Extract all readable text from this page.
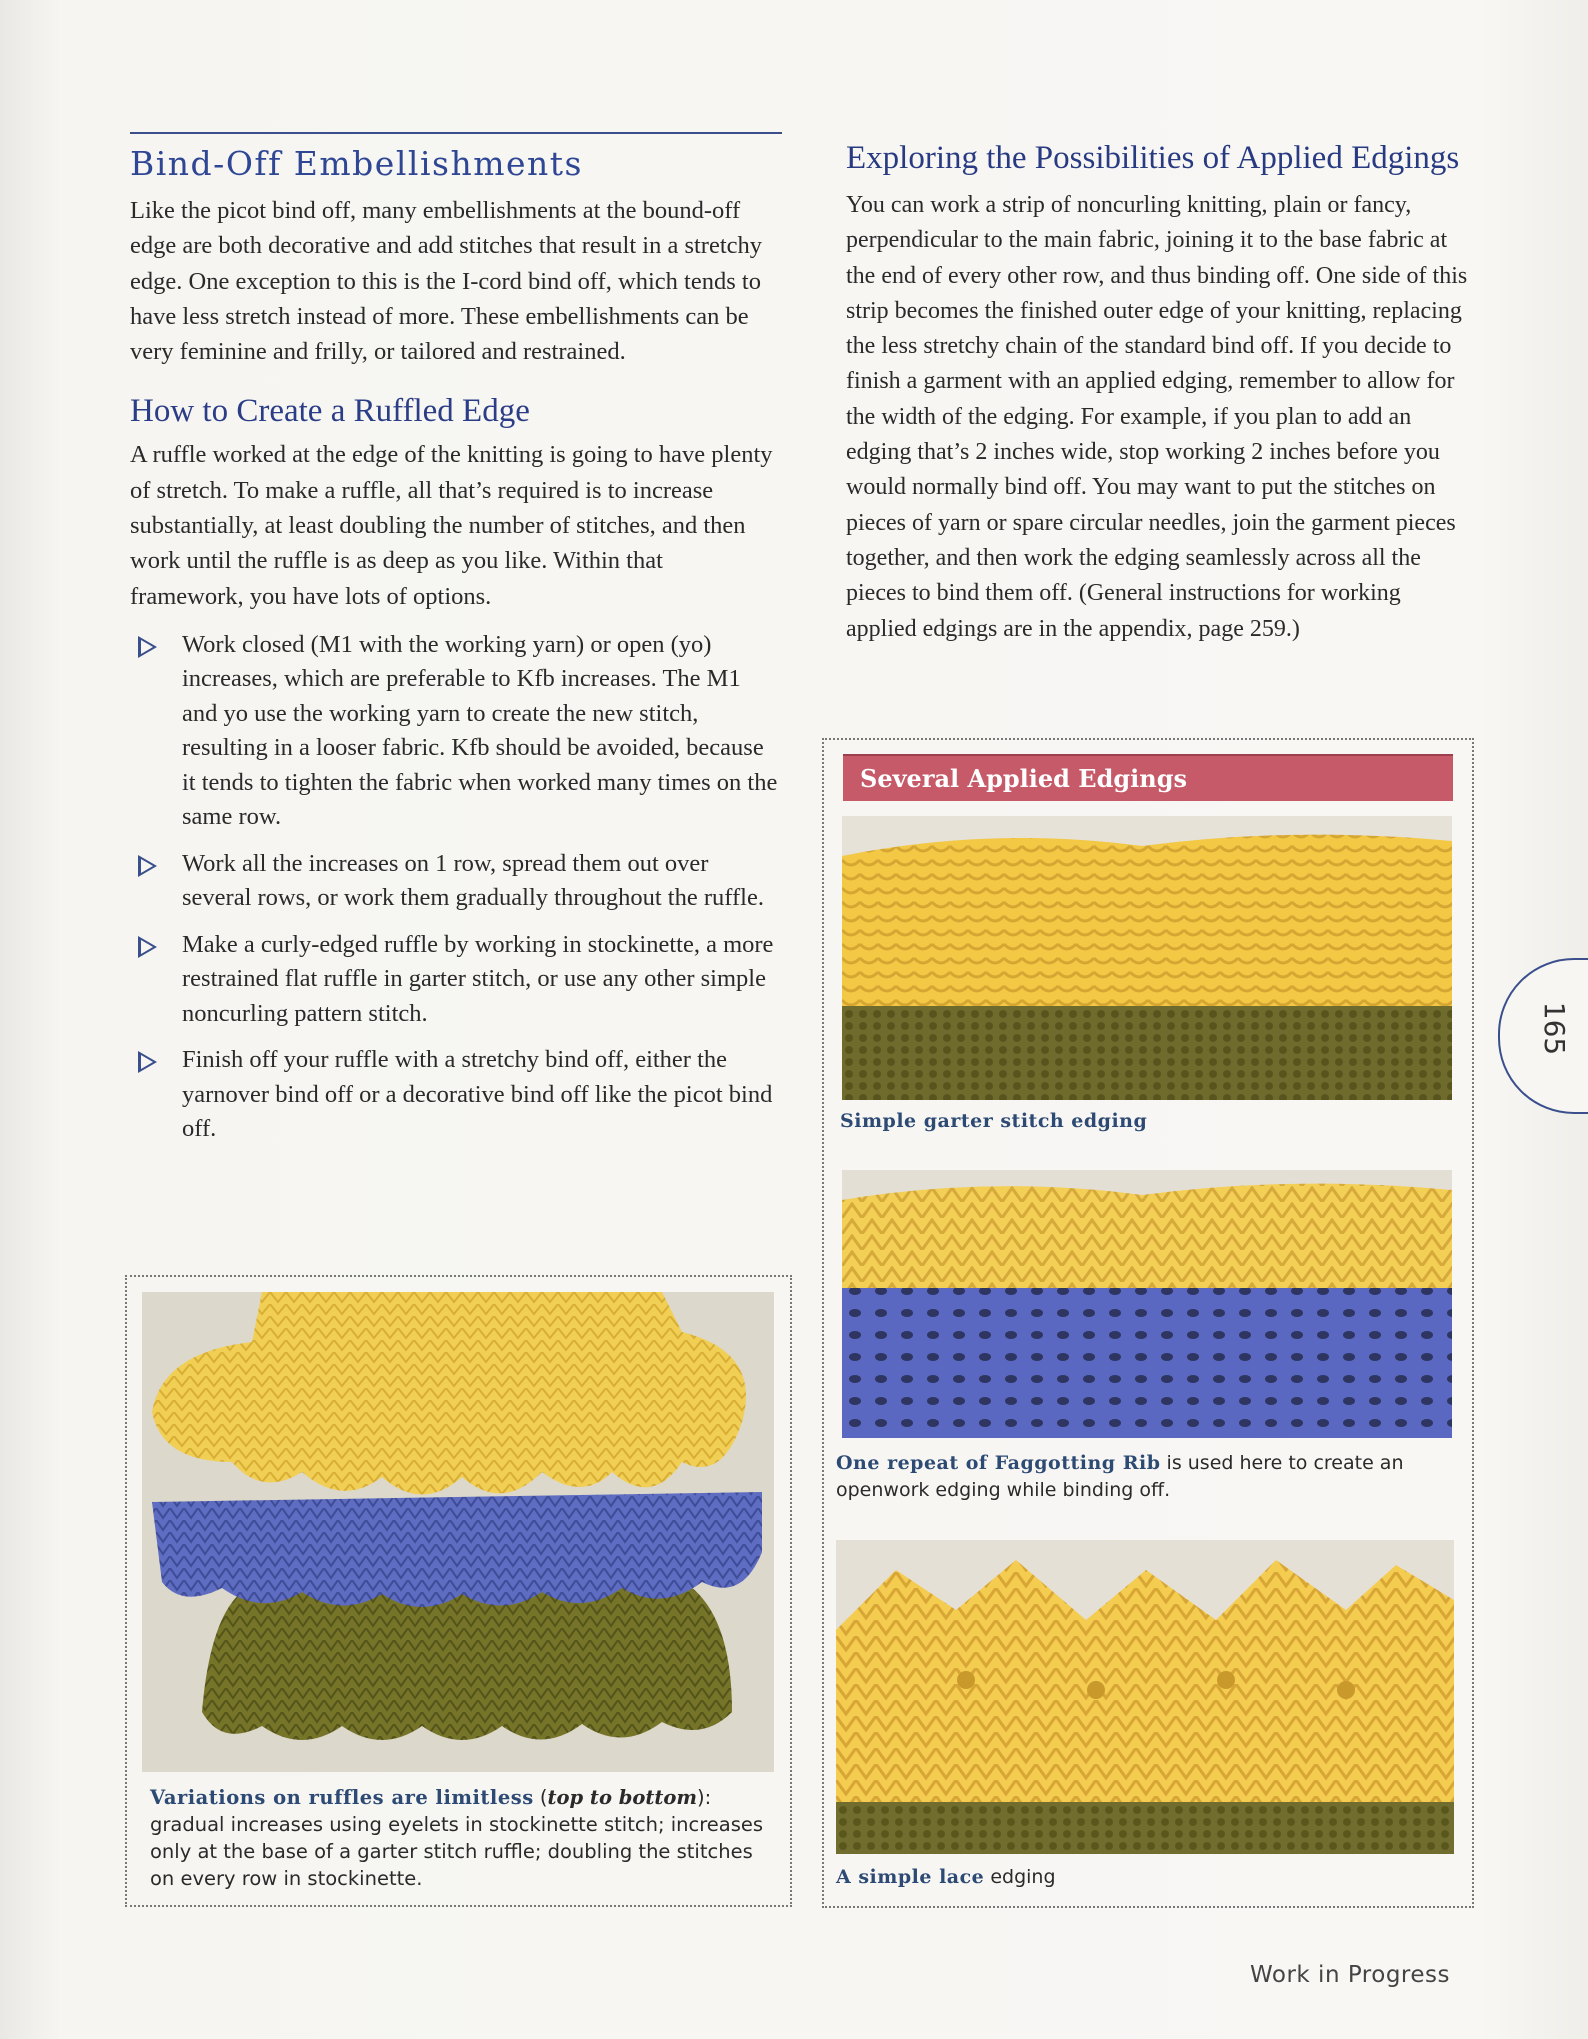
Bind-Off Embellishments

Like the picot bind off, many embellishments at the bound-off edge are both decorative and add stitches that result in a stretchy edge. One exception to this is the I-cord bind off, which tends to have less stretch instead of more. These embellishments can be very feminine and frilly, or tailored and restrained.

How to Create a Ruffled Edge

A ruffle worked at the edge of the knitting is going to have plenty of stretch. To make a ruffle, all that’s required is to increase substantially, at least doubling the number of stitches, and then work until the ruffle is as deep as you like. Within that framework, you have lots of options.

Work closed (M1 with the working yarn) or open (yo) increases, which are preferable to Kfb increases. The M1 and yo use the working yarn to create the new stitch, resulting in a looser fabric. Kfb should be avoided, because it tends to tighten the fabric when worked many times on the same row.
Work all the increases on 1 row, spread them out over several rows, or work them gradually throughout the ruffle.
Make a curly-edged ruffle by working in stockinette, a more restrained flat ruffle in garter stitch, or use any other simple noncurling pattern stitch.
Finish off your ruffle with a stretchy bind off, either the yarnover bind off or a decorative bind off like the picot bind off.
Variations on ruffles are limitless (top to bottom): gradual increases using eyelets in stockinette stitch; increases only at the base of a garter stitch ruffle; doubling the stitches on every row in stockinette.
Exploring the Possibilities of Applied Edgings

You can work a strip of noncurling knitting, plain or fancy, perpendicular to the main fabric, joining it to the base fabric at the end of every other row, and thus binding off. One side of this strip becomes the finished outer edge of your knitting, replacing the less stretchy chain of the standard bind off. If you decide to finish a garment with an applied edging, remember to allow for the width of the edging. For example, if you plan to add an edging that’s 2 inches wide, stop working 2 inches before you would normally bind off. You may want to put the stitches on pieces of yarn or spare circular needles, join the garment pieces together, and then work the edging seamlessly across all the pieces to bind them off. (General instructions for working applied edgings are in the appendix, page 259.)

Several Applied Edgings
Simple garter stitch edging
One repeat of Faggotting Rib is used here to create an openwork edging while binding off.
A simple lace edging
165
Work in Progress
